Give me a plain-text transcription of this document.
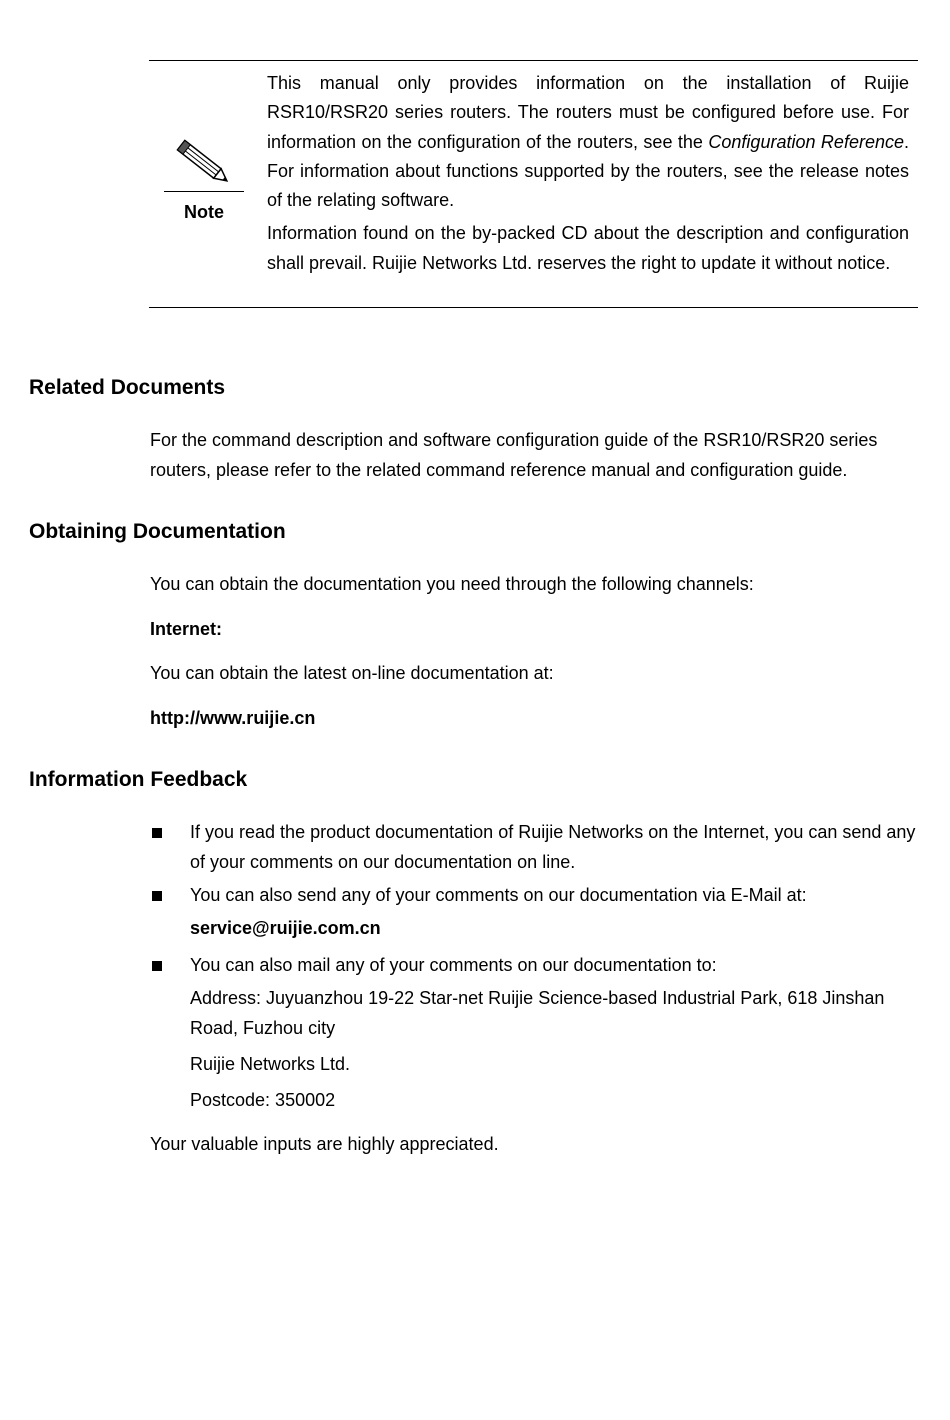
Note

This manual only provides information on the installation of Ruijie RSR10/RSR20 series routers. The routers must be configured before use. For information on the configuration of the routers, see the Configuration Reference. For information about functions supported by the routers, see the release notes of the relating software.

Information found on the by-packed CD about the description and configuration shall prevail. Ruijie Networks Ltd. reserves the right to update it without notice.

Related Documents

For the command description and software configuration guide of the RSR10/RSR20 series routers, please refer to the related command reference manual and configuration guide.

Obtaining Documentation

You can obtain the documentation you need through the following channels:

Internet:

You can obtain the latest on-line documentation at:

http://www.ruijie.cn

Information Feedback
If you read the product documentation of Ruijie Networks on the Internet, you can send any of your comments on our documentation on line.
You can also send any of your comments on our documentation via E-Mail at:

service@ruijie.com.cn

You can also mail any of your comments on our documentation to:

Address: Juyuanzhou 19-22 Star-net Ruijie Science-based Industrial Park, 618 Jinshan Road, Fuzhou city

Ruijie Networks Ltd.

Postcode: 350002

Your valuable inputs are highly appreciated.
